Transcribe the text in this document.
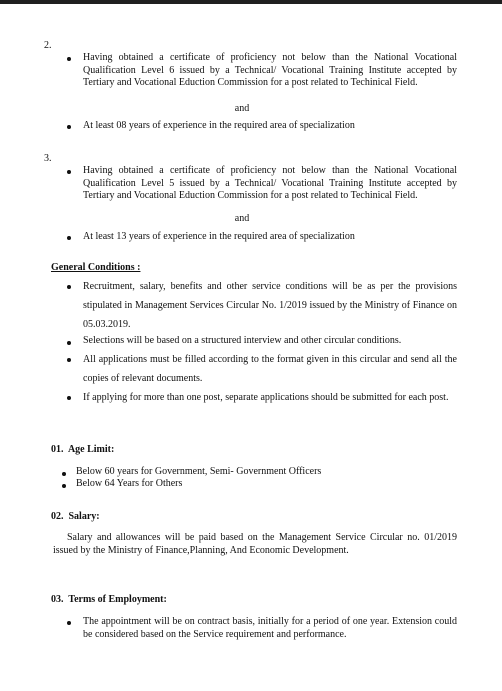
2.
Having obtained a certificate of proficiency not below than the National Vocational Qualification Level 6 issued by a Technical/ Vocational Training Institute accepted by Tertiary and Vocational Eduction Commission for a post related to Techinical Field.
and
At least 08 years of experience in the required area of specialization
3.
Having obtained a certificate of proficiency not below than the National Vocational Qualification Level 5 issued by a Technical/ Vocational Training Institute accepted by Tertiary and Vocational Eduction Commission for a post related to Techinical Field.
and
At least 13 years of experience in the required area of specialization
General Conditions :
Recruitment, salary, benefits and other service conditions will be as per the provisions stipulated in Management Services Circular No. 1/2019 issued by the Ministry of Finance on 05.03.2019.
Selections will be based on a structured interview and other circular conditions.
All applications must be filled according to the format given in this circular and send all the copies of relevant documents.
If applying for more than one post, separate applications should be submitted for each post.
01.  Age Limit:
Below 60 years for Government, Semi- Government Officers
Below 64 Years for Others
02.  Salary:
Salary and allowances will be paid based on the Management Service Circular no. 01/2019 issued by the Ministry of Finance,Planning, And Economic Development.
03.  Terms of Employment:
The appointment will be on contract basis, initially for a period of one year. Extension could be considered based on the Service requirement and performance.
